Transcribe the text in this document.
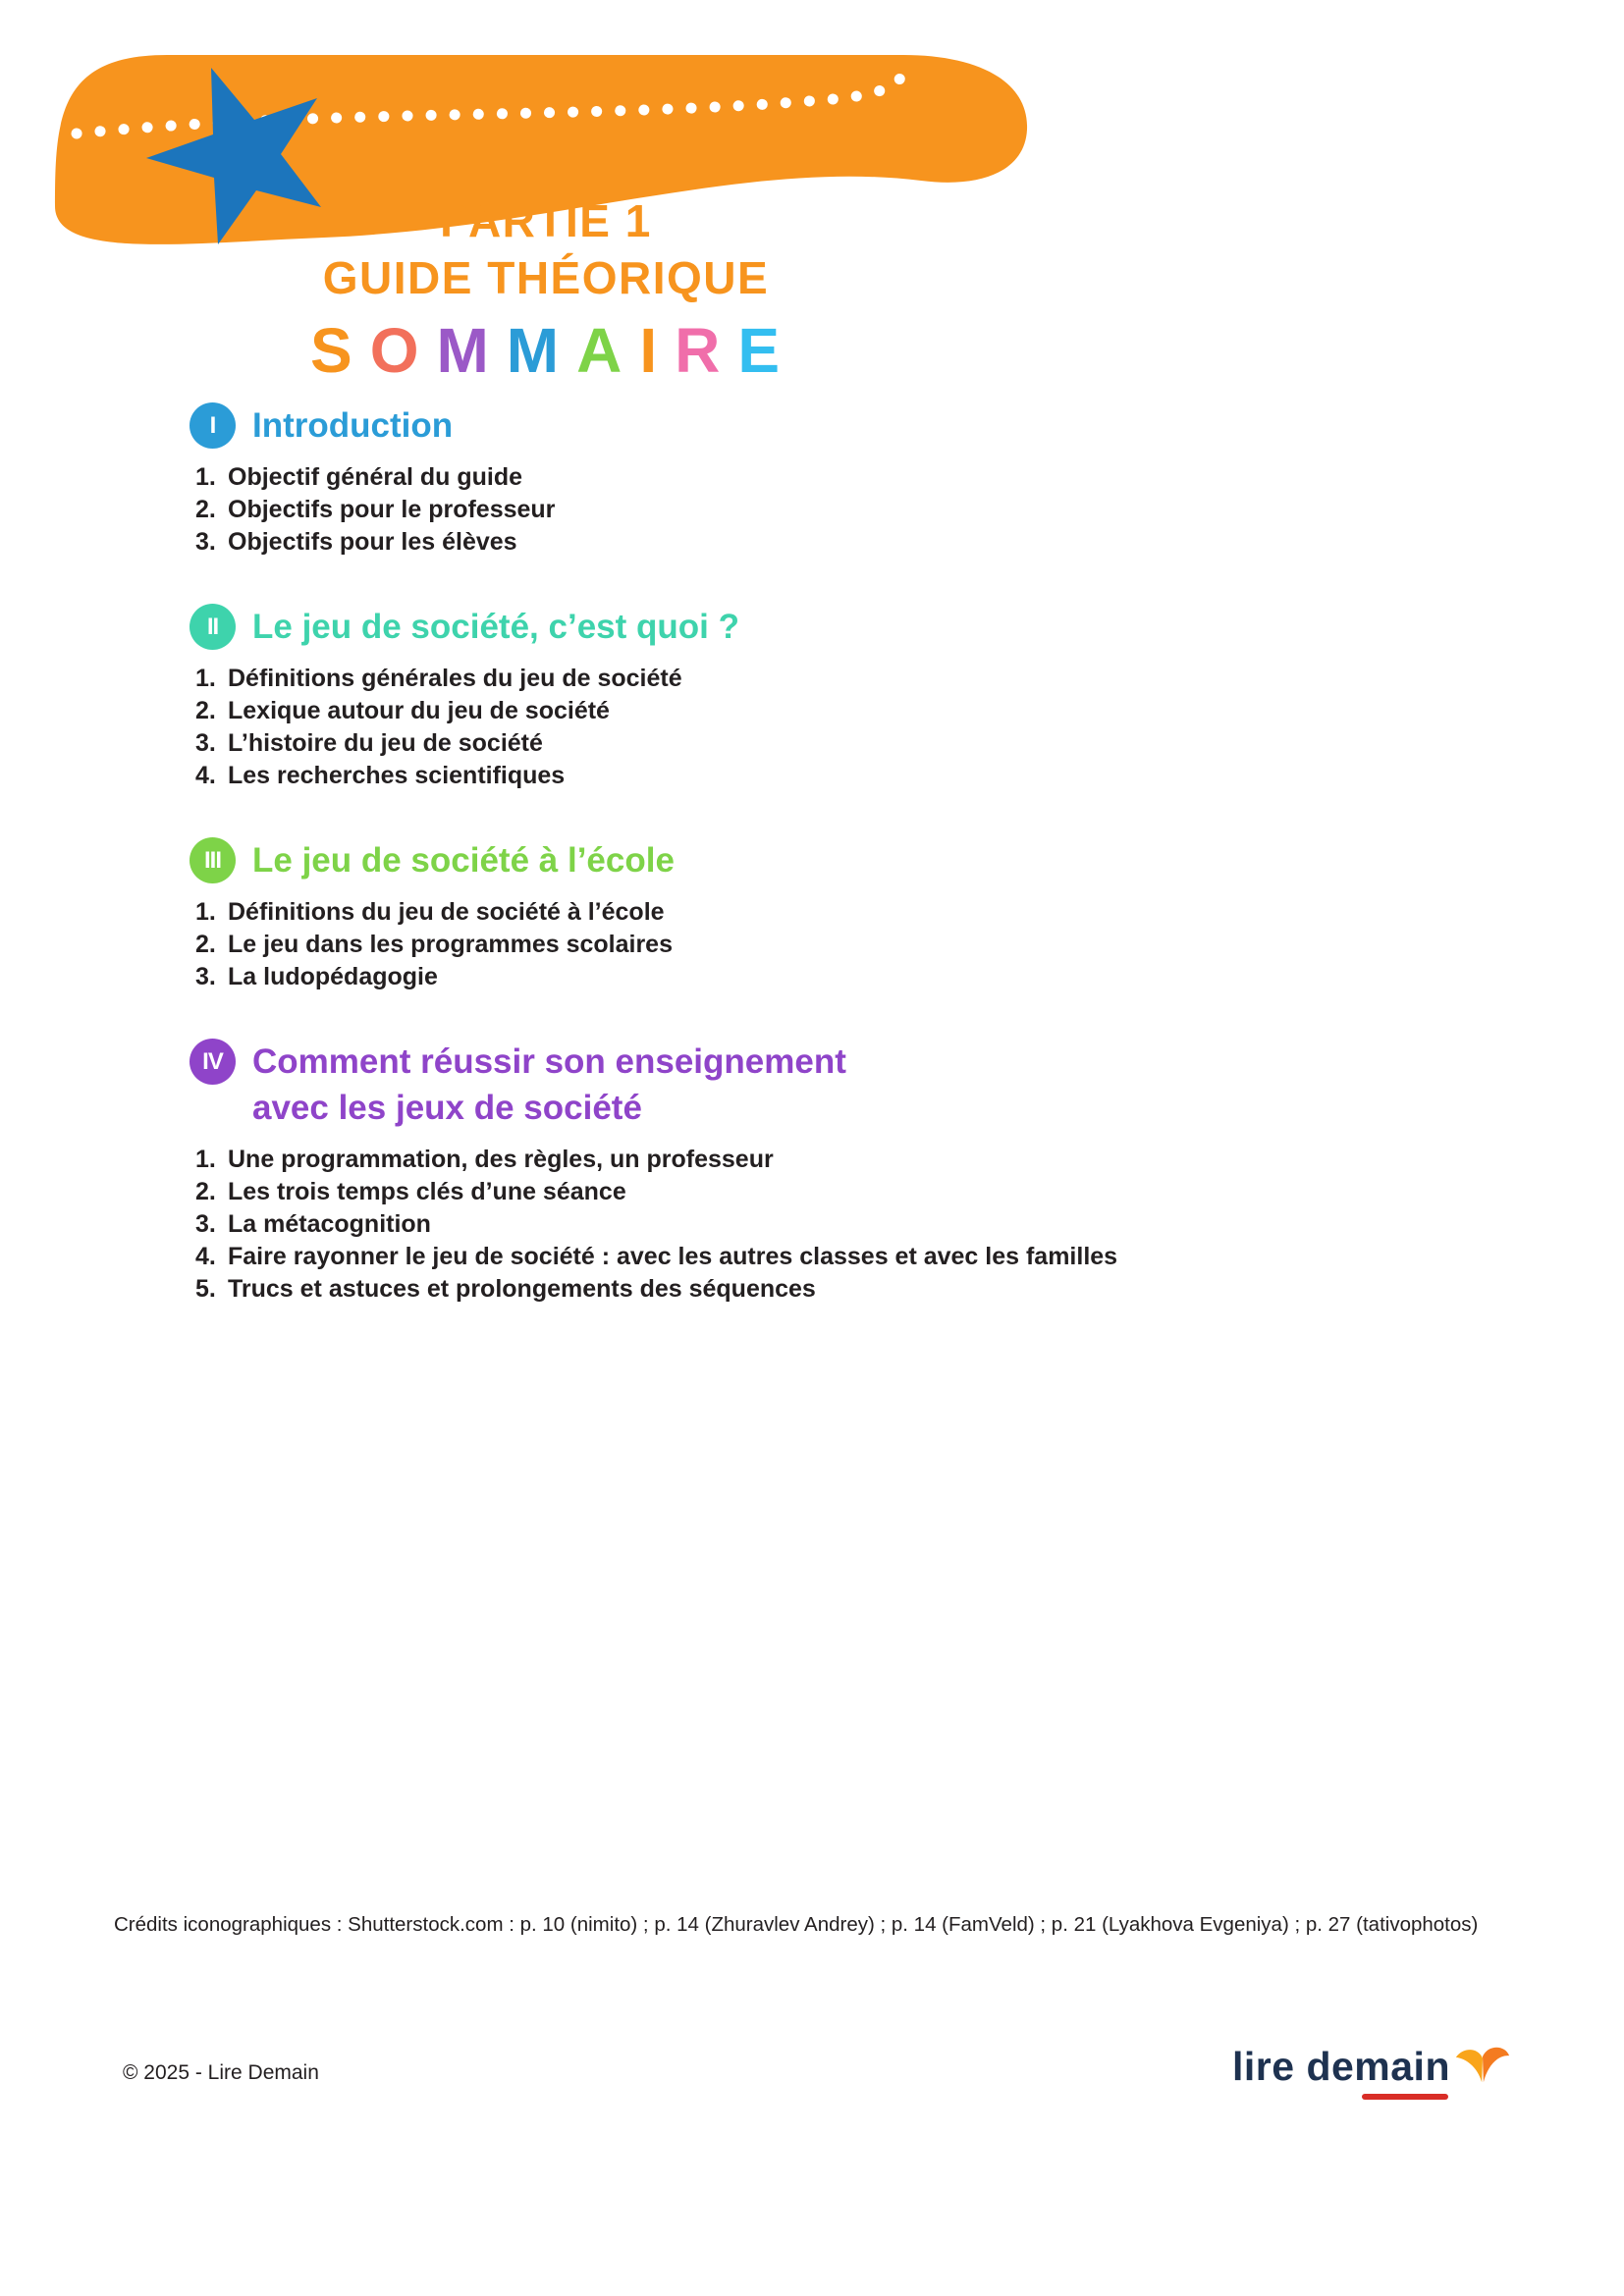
PARTIE 1
GUIDE THÉORIQUE
S O M M A I R E
I Introduction
1. Objectif général du guide
2. Objectifs pour le professeur
3. Objectifs pour les élèves
II Le jeu de société, c’est quoi ?
1. Définitions générales du jeu de société
2. Lexique autour du jeu de société
3. L’histoire du jeu de société
4. Les recherches scientifiques
III Le jeu de société à l’école
1. Définitions du jeu de société à l’école
2. Le jeu dans les programmes scolaires
3. La ludopédagogie
IV Comment réussir son enseignement avec les jeux de société
1. Une programmation, des règles, un professeur
2. Les trois temps clés d’une séance
3. La métacognition
4. Faire rayonner le jeu de société : avec les autres classes et avec les familles
5. Trucs et astuces et prolongements des séquences
Crédits iconographiques : Shutterstock.com : p. 10 (nimito) ; p. 14 (Zhuravlev Andrey) ; p. 14 (FamVeld) ; p. 21 (Lyakhova Evgeniya) ; p. 27 (tativophotos)
© 2025 - Lire Demain	lire demain
